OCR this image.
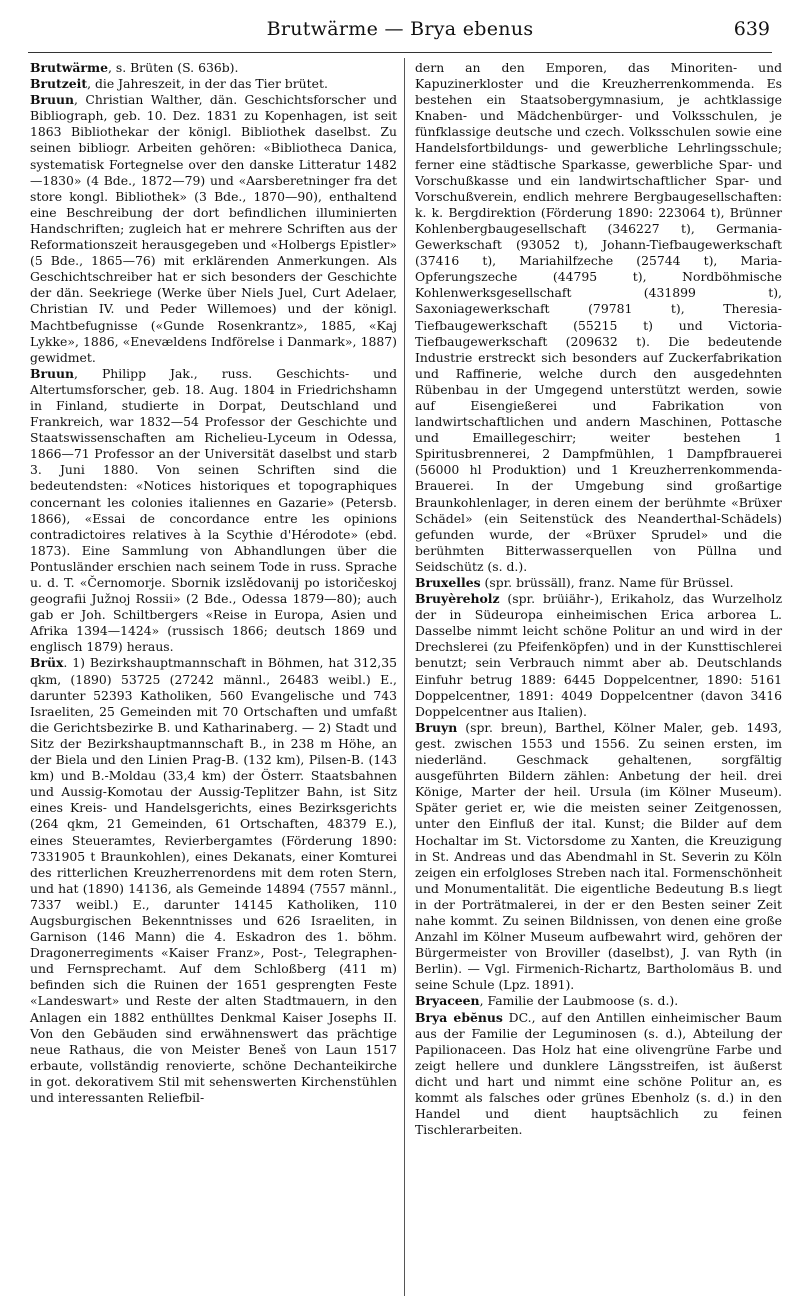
Brutwärme — Brya ebenus	639

Brutwärme, s. Brüten (S. 636b).

Brutzeit, die Jahreszeit, in der das Tier brütet.

Bruun, Christian Walther, dän. Geschichtsforscher und Bibliograph, geb. 10. Dez. 1831 zu Kopenhagen, ist seit 1863 Bibliothekar der königl. Bibliothek daselbst. Zu seinen bibliogr. Arbeiten gehören: «Bibliotheca Danica, systematisk Fortegnelse over den danske Litteratur 1482—1830» (4 Bde., 1872—79) und «Aarsberetninger fra det store kongl. Bibliothek» (3 Bde., 1870—90), enthaltend eine Beschreibung der dort befindlichen illuminierten Handschriften; zugleich hat er mehrere Schriften aus der Reformationszeit herausgegeben und «Holbergs Epistler» (5 Bde., 1865—76) mit erklärenden Anmerkungen. Als Geschichtschreiber hat er sich besonders der Geschichte der dän. Seekriege (Werke über Niels Juel, Curt Adelaer, Christian IV. und Peder Willemoes) und der königl. Machtbefugnisse («Gunde Rosenkrantz», 1885, «Kaj Lykke», 1886, «Enevældens Indförelse i Danmark», 1887) gewidmet.

Bruun, Philipp Jak., russ. Geschichts- und Altertumsforscher, geb. 18. Aug. 1804 in Friedrichshamn in Finland, studierte in Dorpat, Deutschland und Frankreich, war 1832—54 Professor der Geschichte und Staatswissenschaften am Richelieu-Lyceum in Odessa, 1866—71 Professor an der Universität daselbst und starb 3. Juni 1880. Von seinen Schriften sind die bedeutendsten: «Notices historiques et topographiques concernant les colonies italiennes en Gazarie» (Petersb. 1866), «Essai de concordance entre les opinions contradictoires relatives à la Scythie d'Hérodote» (ebd. 1873). Eine Sammlung von Abhandlungen über die Pontusländer erschien nach seinem Tode in russ. Sprache u. d. T. «Černomorje. Sbornik izslědovanij po istoričeskoj geografii Južnoj Rossii» (2 Bde., Odessa 1879—80); auch gab er Joh. Schiltbergers «Reise in Europa, Asien und Afrika 1394—1424» (russisch 1866; deutsch 1869 und englisch 1879) heraus.

Brüx. 1) Bezirkshauptmannschaft in Böhmen, hat 312,35 qkm, (1890) 53725 (27242 männl., 26483 weibl.) E., darunter 52393 Katholiken, 560 Evangelische und 743 Israeliten, 25 Gemeinden mit 70 Ortschaften und umfaßt die Gerichtsbezirke B. und Katharinaberg. — 2) Stadt und Sitz der Bezirkshauptmannschaft B., in 238 m Höhe, an der Biela und den Linien Prag-B. (132 km), Pilsen-B. (143 km) und B.-Moldau (33,4 km) der Österr. Staatsbahnen und Aussig-Komotau der Aussig-Teplitzer Bahn, ist Sitz eines Kreis- und Handelsgerichts, eines Bezirksgerichts (264 qkm, 21 Gemeinden, 61 Ortschaften, 48379 E.), eines Steueramtes, Revierbergamtes (Förderung 1890: 7331905 t Braunkohlen), eines Dekanats, einer Komturei des ritterlichen Kreuzherrenordens mit dem roten Stern, und hat (1890) 14136, als Gemeinde 14894 (7557 männl., 7337 weibl.) E., darunter 14145 Katholiken, 110 Augsburgischen Bekenntnisses und 626 Israeliten, in Garnison (146 Mann) die 4. Eskadron des 1. böhm. Dragonerregiments «Kaiser Franz», Post-, Telegraphen- und Fernsprechamt. Auf dem Schloßberg (411 m) befinden sich die Ruinen der 1651 gesprengten Feste «Landeswart» und Reste der alten Stadtmauern, in den Anlagen ein 1882 enthülltes Denkmal Kaiser Josephs II. Von den Gebäuden sind erwähnenswert das prächtige neue Rathaus, die von Meister Beneš von Laun 1517 erbaute, vollständig renovierte, schöne Dechanteikirche in got. dekorativem Stil mit sehenswerten Kirchenstühlen und interessanten Reliefbil-

dern an den Emporen, das Minoriten- und Kapuzinerkloster und die Kreuzherrenkommenda. Es bestehen ein Staatsobergymnasium, je achtklassige Knaben- und Mädchenbürger- und Volksschulen, je fünfklassige deutsche und czech. Volksschulen sowie eine Handelsfortbildungs- und gewerbliche Lehrlingsschule; ferner eine städtische Sparkasse, gewerbliche Spar- und Vorschußkasse und ein landwirtschaftlicher Spar- und Vorschußverein, endlich mehrere Bergbaugesellschaften: k. k. Bergdirektion (Förderung 1890: 223064 t), Brünner Kohlenbergbaugesellschaft (346227 t), Germania-Gewerkschaft (93052 t), Johann-Tiefbaugewerkschaft (37416 t), Mariahilfzeche (25744 t), Maria-Opferungszeche (44795 t), Nordböhmische Kohlenwerksgesellschaft (431899 t), Saxoniagewerkschaft (79781 t), Theresia-Tiefbaugewerkschaft (55215 t) und Victoria-Tiefbaugewerkschaft (209632 t). Die bedeutende Industrie erstreckt sich besonders auf Zuckerfabrikation und Raffinerie, welche durch den ausgedehnten Rübenbau in der Umgegend unterstützt werden, sowie auf Eisengießerei und Fabrikation von landwirtschaftlichen und andern Maschinen, Pottasche und Emaillegeschirr; weiter bestehen 1 Spiritusbrennerei, 2 Dampfmühlen, 1 Dampfbrauerei (56000 hl Produktion) und 1 Kreuzherrenkommenda-Brauerei. In der Umgebung sind großartige Braunkohlenlager, in deren einem der berühmte «Brüxer Schädel» (ein Seitenstück des Neanderthal-Schädels) gefunden wurde, der «Brüxer Sprudel» und die berühmten Bitterwasserquellen von Püllna und Seidschütz (s. d.).

Bruxelles (spr. brüssäll), franz. Name für Brüssel.

Bruyèreholz (spr. brüiähr-), Erikaholz, das Wurzelholz der in Südeuropa einheimischen Erica arborea L. Dasselbe nimmt leicht schöne Politur an und wird in der Drechslerei (zu Pfeifenköpfen) und in der Kunsttischlerei benutzt; sein Verbrauch nimmt aber ab. Deutschlands Einfuhr betrug 1889: 6445 Doppelcentner, 1890: 5161 Doppelcentner, 1891: 4049 Doppelcentner (davon 3416 Doppelcentner aus Italien).

Bruyn (spr. breun), Barthel, Kölner Maler, geb. 1493, gest. zwischen 1553 und 1556. Zu seinen ersten, im niederländ. Geschmack gehaltenen, sorgfältig ausgeführten Bildern zählen: Anbetung der heil. drei Könige, Marter der heil. Ursula (im Kölner Museum). Später geriet er, wie die meisten seiner Zeitgenossen, unter den Einfluß der ital. Kunst; die Bilder auf dem Hochaltar im St. Victorsdome zu Xanten, die Kreuzigung in St. Andreas und das Abendmahl in St. Severin zu Köln zeigen ein erfolgloses Streben nach ital. Formenschönheit und Monumentalität. Die eigentliche Bedeutung B.s liegt in der Porträtmalerei, in der er den Besten seiner Zeit nahe kommt. Zu seinen Bildnissen, von denen eine große Anzahl im Kölner Museum aufbewahrt wird, gehören der Bürgermeister von Broviller (daselbst), J. van Ryth (in Berlin). — Vgl. Firmenich-Richartz, Bartholomäus B. und seine Schule (Lpz. 1891).

Bryaceen, Familie der Laubmoose (s. d.).

Brya ebĕnus DC., auf den Antillen einheimischer Baum aus der Familie der Leguminosen (s. d.), Abteilung der Papilionaceen. Das Holz hat eine olivengrüne Farbe und zeigt hellere und dunklere Längsstreifen, ist äußerst dicht und hart und nimmt eine schöne Politur an, es kommt als falsches oder grünes Ebenholz (s. d.) in den Handel und dient hauptsächlich zu feinen Tischlerarbeiten.
